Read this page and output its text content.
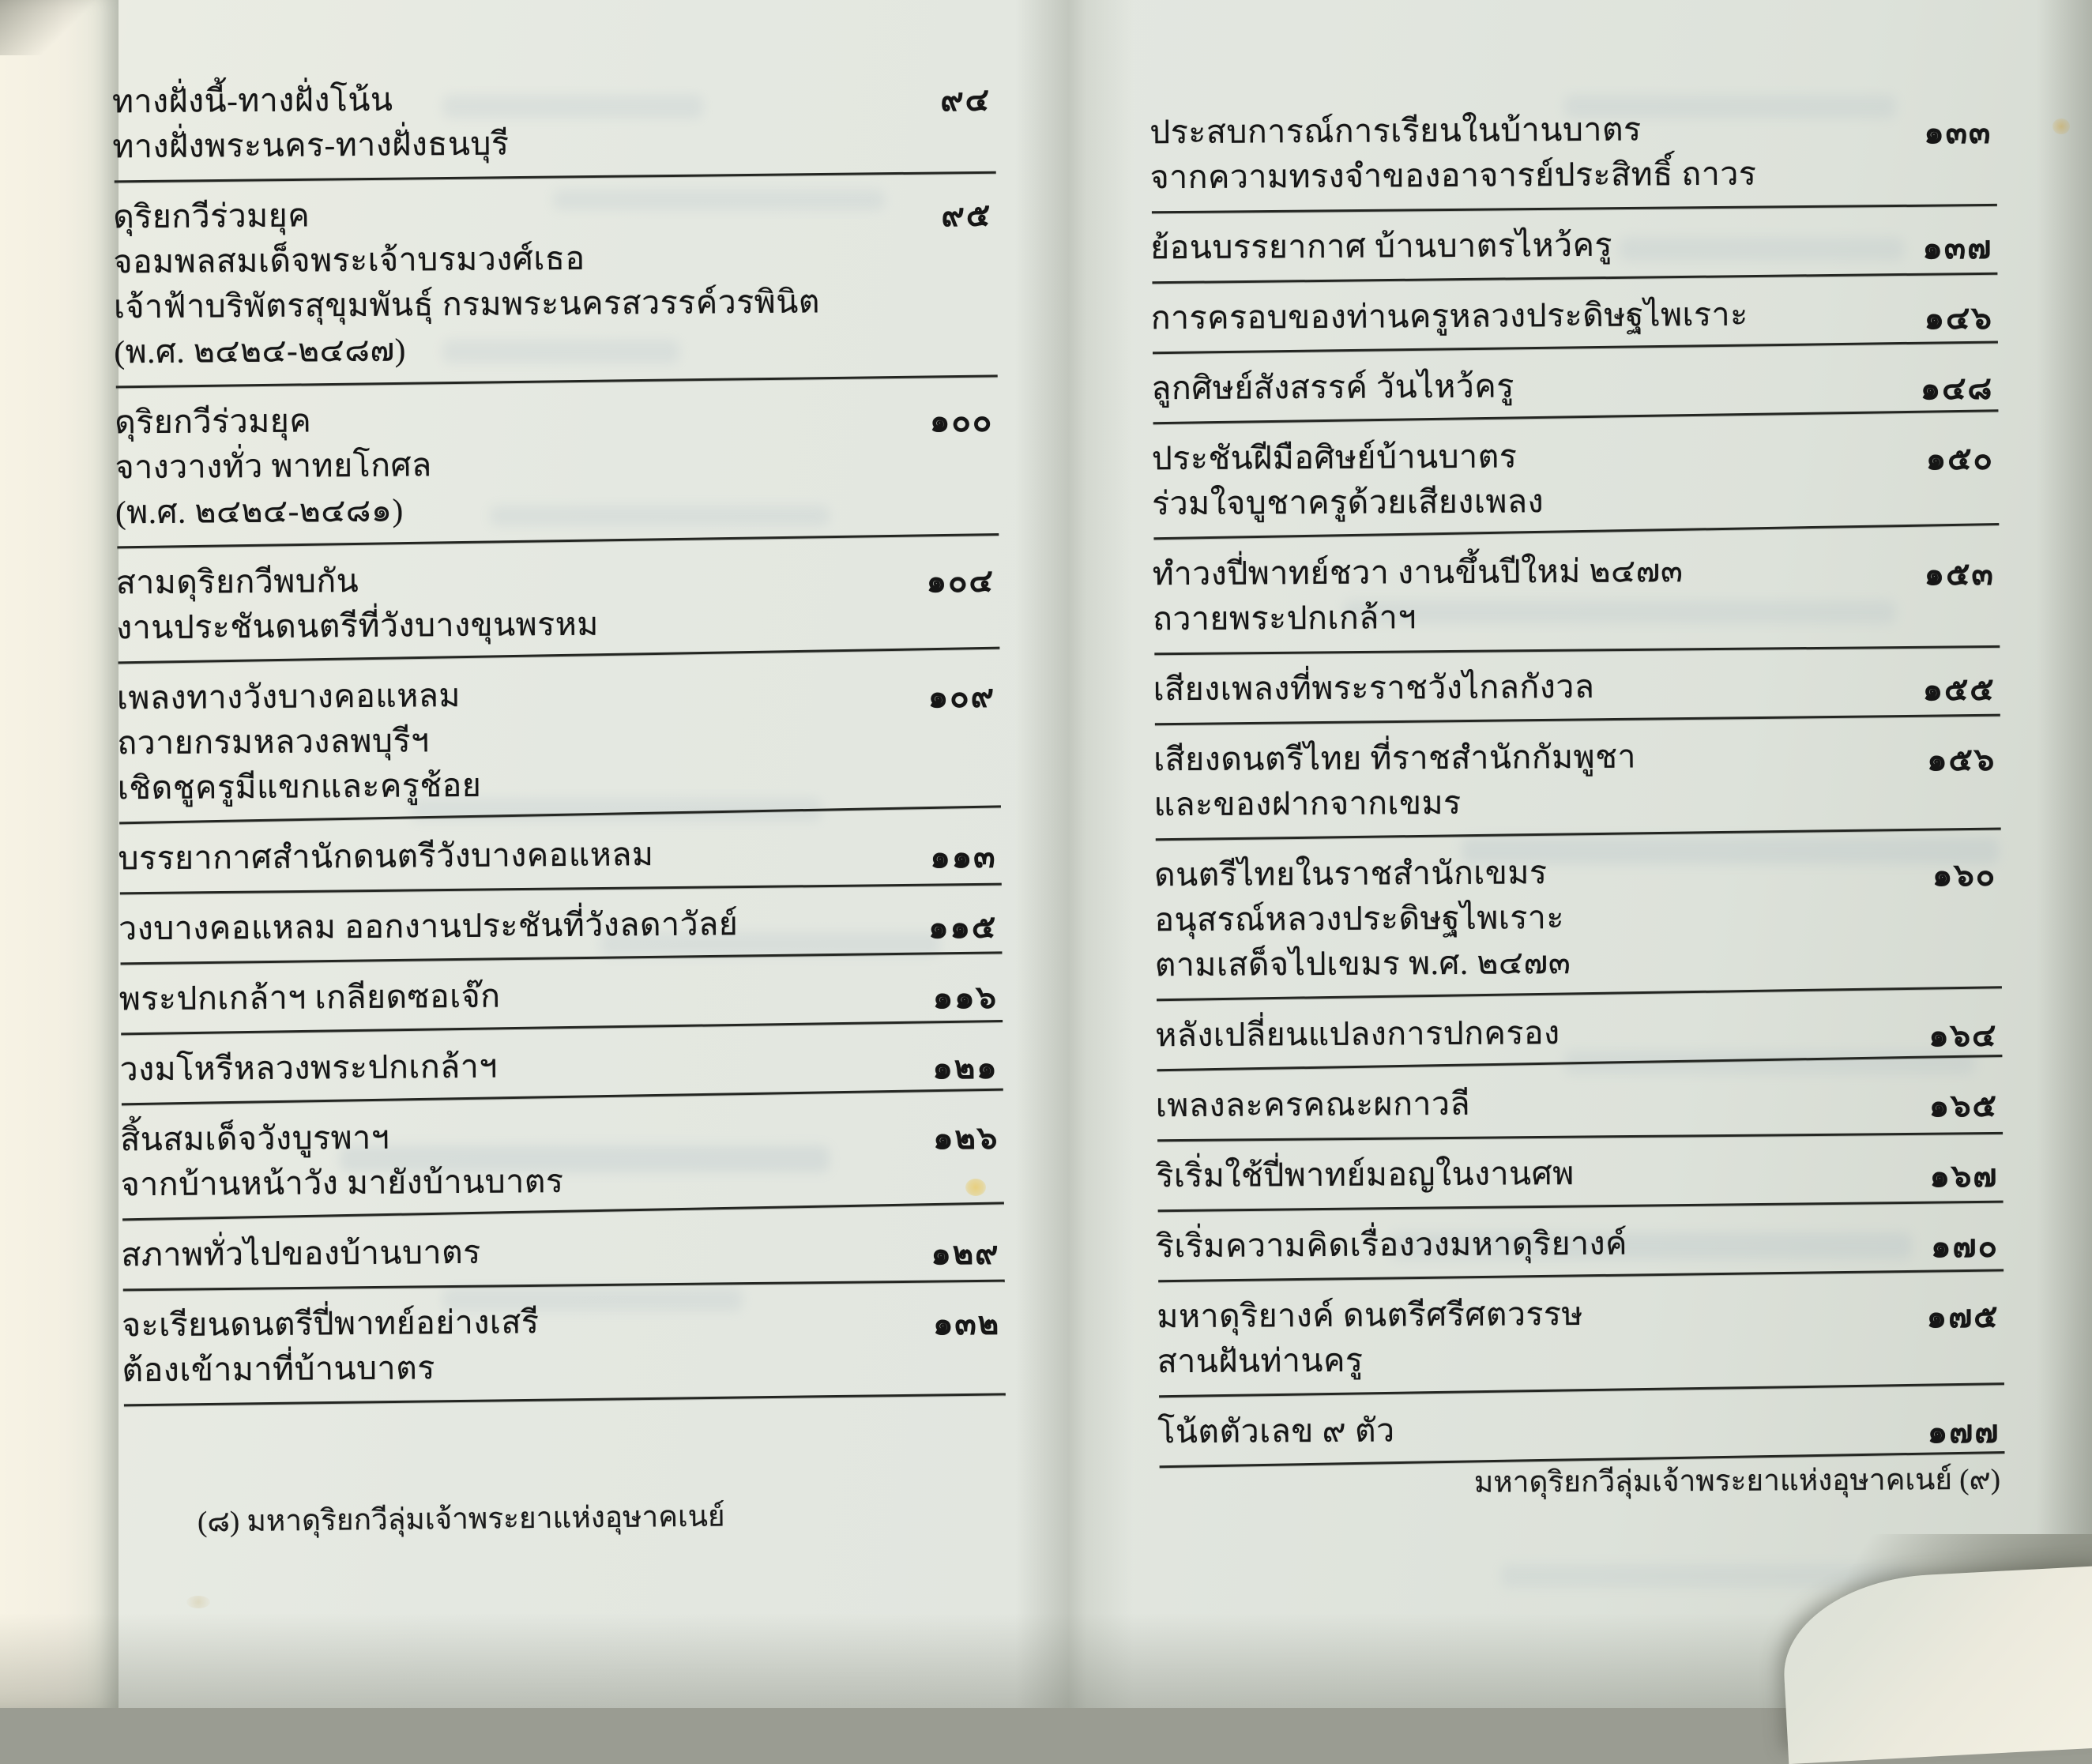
ทางฝั่งนี้-ทางฝั่งโน้น
ทางฝั่งพระนคร-ทางฝั่งธนบุรี
๙๔
ดุริยกวีร่วมยุค
จอมพลสมเด็จพระเจ้าบรมวงศ์เธอ
เจ้าฟ้าบริพัตรสุขุมพันธุ์ กรมพระนครสวรรค์วรพินิต
(พ.ศ. ๒๔๒๔-๒๔๘๗)
๙๕
ดุริยกวีร่วมยุค
จางวางทั่ว พาทยโกศล
(พ.ศ. ๒๔๒๔-๒๔๘๑)
๑๐๐
สามดุริยกวีพบกัน
งานประชันดนตรีที่วังบางขุนพรหม
๑๐๔
เพลงทางวังบางคอแหลม
ถวายกรมหลวงลพบุรีฯ
เชิดชูครูมีแขกและครูช้อย
๑๐๙
บรรยากาศสำนักดนตรีวังบางคอแหลม	๑๑๓
วงบางคอแหลม ออกงานประชันที่วังลดาวัลย์	๑๑๕
พระปกเกล้าฯ เกลียดซอเจ๊ก	๑๑๖
วงมโหรีหลวงพระปกเกล้าฯ	๑๒๑
สิ้นสมเด็จวังบูรพาฯ
จากบ้านหน้าวัง มายังบ้านบาตร
๑๒๖
สภาพทั่วไปของบ้านบาตร	๑๒๙
จะเรียนดนตรีปี่พาทย์อย่างเสรี
ต้องเข้ามาที่บ้านบาตร
๑๓๒
ประสบการณ์การเรียนในบ้านบาตร
จากความทรงจำของอาจารย์ประสิทธิ์ ถาวร
๑๓๓
ย้อนบรรยากาศ บ้านบาตรไหว้ครู	๑๓๗
การครอบของท่านครูหลวงประดิษฐไพเราะ	๑๔๖
ลูกศิษย์สังสรรค์ วันไหว้ครู	๑๔๘
ประชันฝีมือศิษย์บ้านบาตร
ร่วมใจบูชาครูด้วยเสียงเพลง
๑๕๐
ทำวงปี่พาทย์ชวา งานขึ้นปีใหม่ ๒๔๗๓
ถวายพระปกเกล้าฯ
๑๕๓
เสียงเพลงที่พระราชวังไกลกังวล	๑๕๕
เสียงดนตรีไทย ที่ราชสำนักกัมพูชา
และของฝากจากเขมร
๑๕๖
ดนตรีไทยในราชสำนักเขมร
อนุสรณ์หลวงประดิษฐไพเราะ
ตามเสด็จไปเขมร พ.ศ. ๒๔๗๓
๑๖๐
หลังเปลี่ยนแปลงการปกครอง	๑๖๔
เพลงละครคณะผกาวลี	๑๖๕
ริเริ่มใช้ปี่พาทย์มอญในงานศพ	๑๖๗
ริเริ่มความคิดเรื่องวงมหาดุริยางค์	๑๗๐
มหาดุริยางค์ ดนตรีศรีศตวรรษ
สานฝันท่านครู
๑๗๕
โน้ตตัวเลข ๙ ตัว	๑๗๗
(๘) มหาดุริยกวีลุ่มเจ้าพระยาแห่งอุษาคเนย์
มหาดุริยกวีลุ่มเจ้าพระยาแห่งอุษาคเนย์ (๙)
